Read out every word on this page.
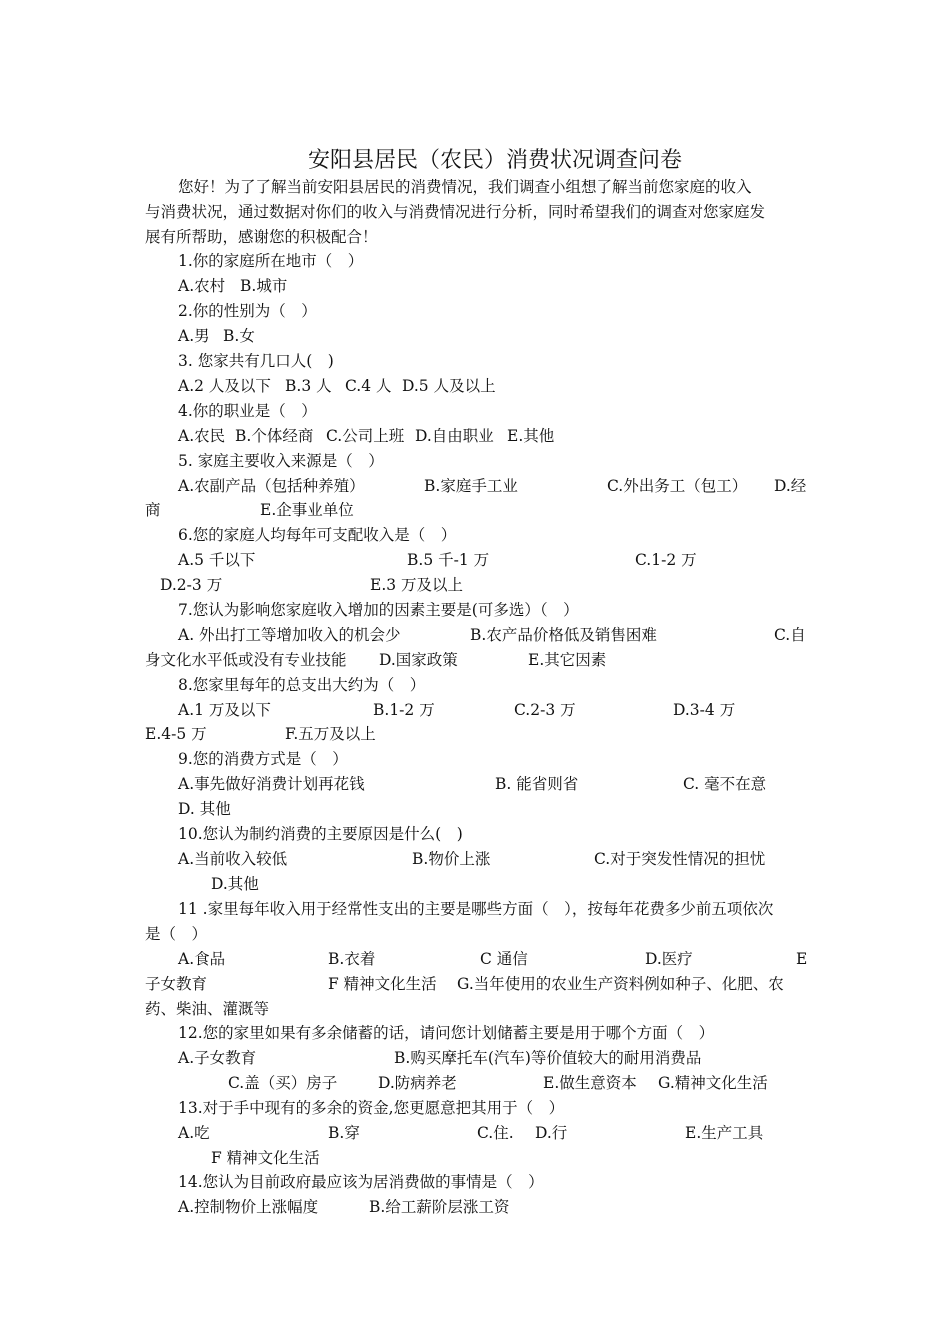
安阳县居民（农民）消费状况调查问卷
您好！为了了解当前安阳县居民的消费情况，我们调查小组想了解当前您家庭的收入
与消费状况，通过数据对你们的收入与消费情况进行分析，同时希望我们的调查对您家庭发
展有所帮助，感谢您的积极配合！
1.你的家庭所在地市（　）
A.农村 B.城市
2.你的性别为（　）
A.男 B.女
3. 您家共有几口人(　)
A.2 人及以下 B.3 人 C.4 人 D.5 人及以上
4.你的职业是（　）
A.农民 B.个体经商 C.公司上班 D.自由职业 E.其他
5. 家庭主要收入来源是（　）
A.农副产品（包括种养殖）	B.家庭手工业	C.外出务工（包工） D.经
商	E.企事业单位
6.您的家庭人均每年可支配收入是（　）
A.5 千以下	B.5 千-1 万	C.1-2 万
D.2-3 万	E.3 万及以上
7.您认为影响您家庭收入增加的因素主要是(可多选）（　）
A. 外出打工等增加收入的机会少	B.农产品价格低及销售困难	C.自
身文化水平低或没有专业技能 D.国家政策	E.其它因素
8.您家里每年的总支出大约为（　）
A.1 万及以下	B.1-2 万	C.2-3 万	D.3-4 万
E.4-5 万	F.五万及以上
9.您的消费方式是（　）
A.事先做好消费计划再花钱	B. 能省则省	C. 毫不在意
D. 其他
10.您认为制约消费的主要原因是什么(　)
A.当前收入较低	B.物价上涨	C.对于突发性情况的担忧
D.其他
11 .家里每年收入用于经常性支出的主要是哪些方面（　），按每年花费多少前五项依次
是（　）
A.食品	B.衣着	C 通信	D.医疗	E
子女教育	F 精神文化生活 G.当年使用的农业生产资料例如种子、化肥、农
药、柴油、灌溉等
12.您的家里如果有多余储蓄的话，请问您计划储蓄主要是用于哪个方面（　）
A.子女教育	B.购买摩托车(汽车)等价值较大的耐用消费品
C.盖（买）房子	D.防病养老	E.做生意资本 G.精神文化生活
13.对于手中现有的多余的资金,您更愿意把其用于（　）
A.吃	B.穿	C.住. D.行	E.生产工具
F 精神文化生活
14.您认为目前政府最应该为居消费做的事情是（　）
A.控制物价上涨幅度	B.给工薪阶层涨工资
